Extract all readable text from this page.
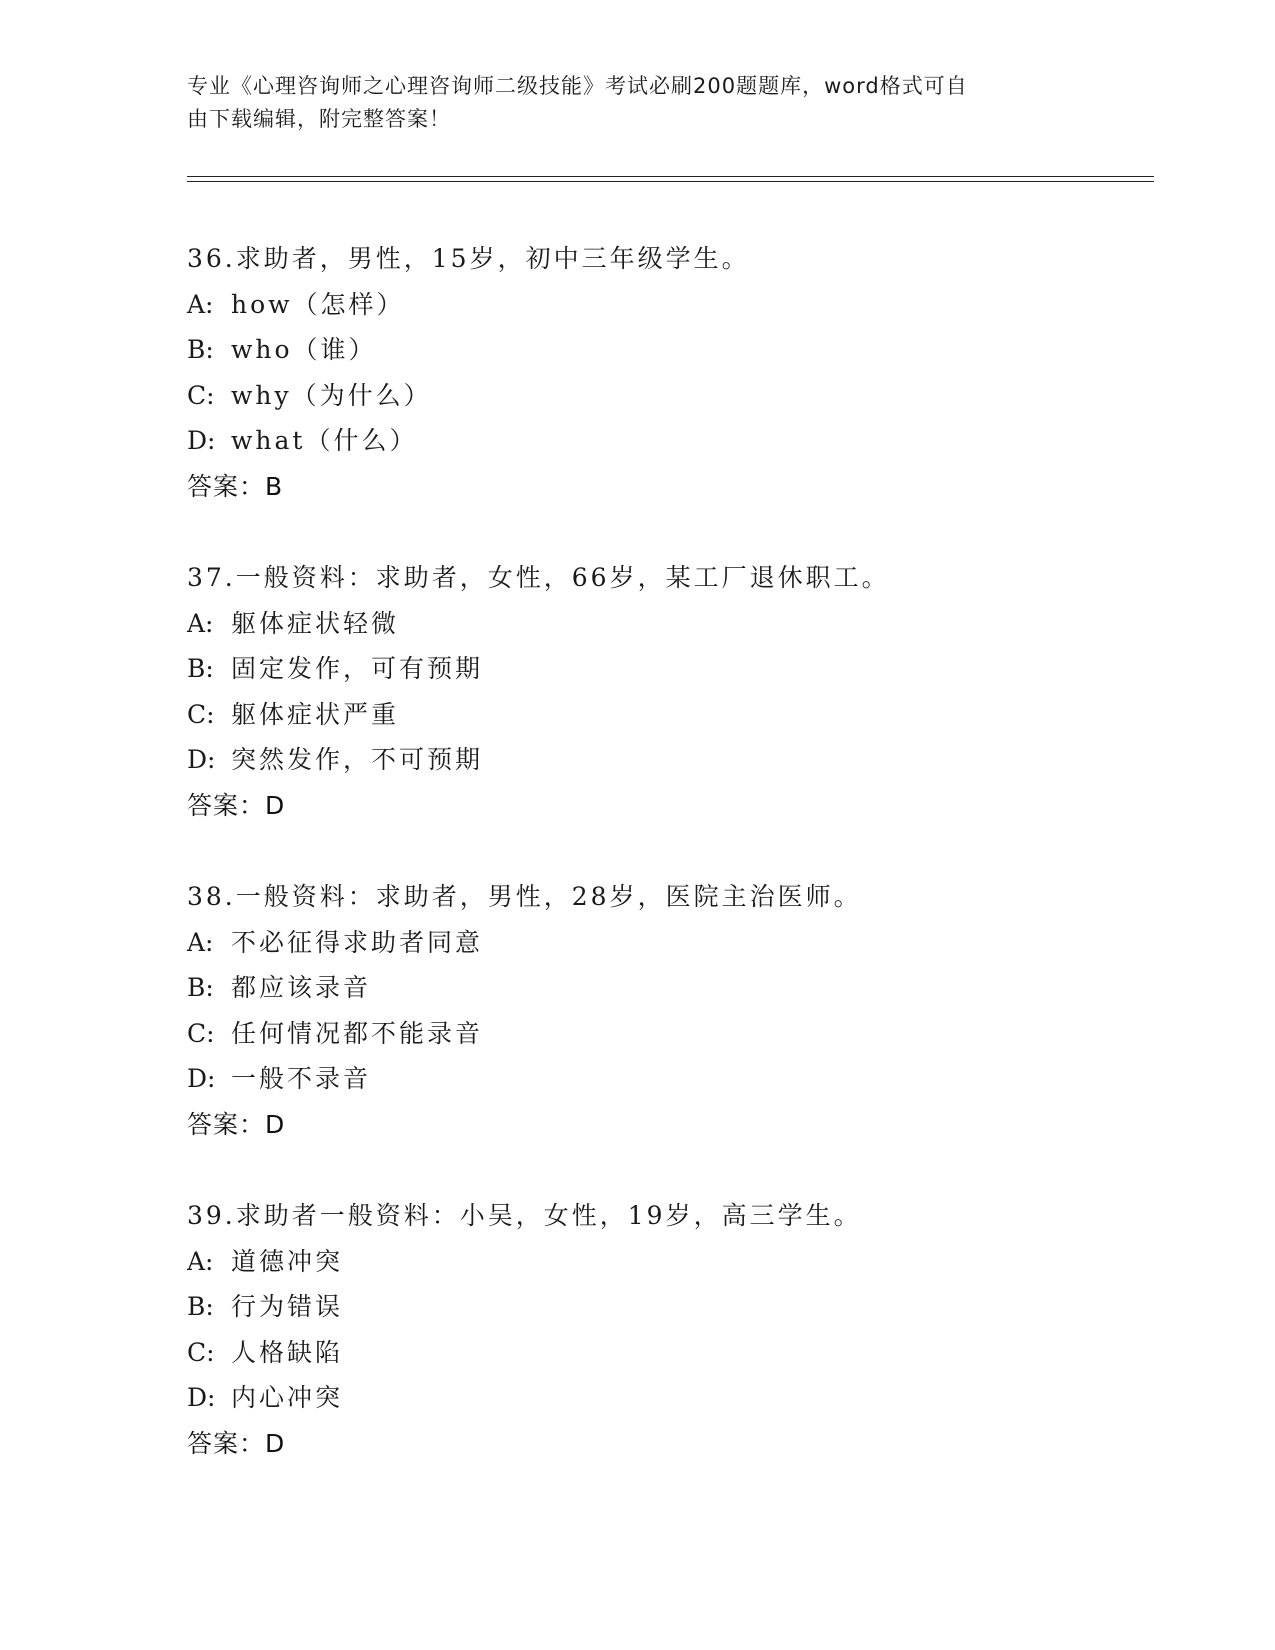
专业《心理咨询师之心理咨询师二级技能》考试必刷200题题库，word格式可自
由下载编辑，附完整答案！
36.求助者，男性，15岁，初中三年级学生。
A: how（怎样）
B: who（谁）
C: why（为什么）
D: what（什么）
答案：B
37.一般资料：求助者，女性，66岁，某工厂退休职工。
A: 躯体症状轻微
B: 固定发作，可有预期
C: 躯体症状严重
D: 突然发作，不可预期
答案：D
38.一般资料：求助者，男性，28岁，医院主治医师。
A: 不必征得求助者同意
B: 都应该录音
C: 任何情况都不能录音
D: 一般不录音
答案：D
39.求助者一般资料：小吴，女性，19岁，高三学生。
A: 道德冲突
B: 行为错误
C: 人格缺陷
D: 内心冲突
答案：D
